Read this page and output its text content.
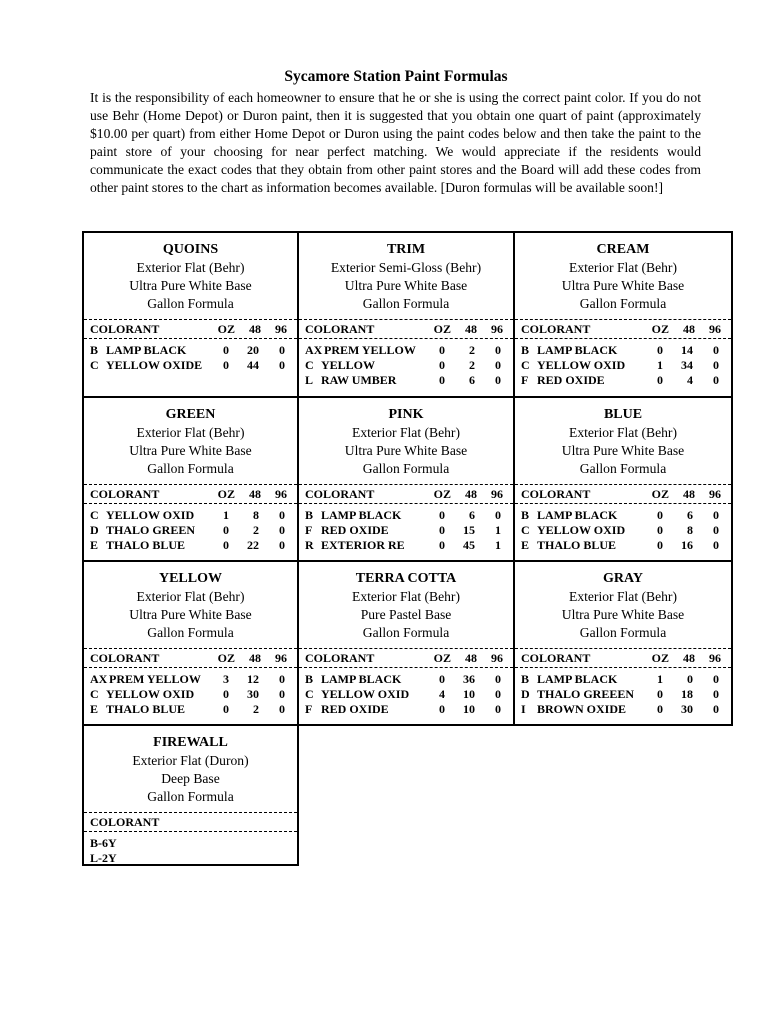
Sycamore Station Paint Formulas
It is the responsibility of each homeowner to ensure that he or she is using the correct paint color. If you do not use Behr (Home Depot) or Duron paint, then it is suggested that you obtain one quart of paint (approximately $10.00 per quart) from either Home Depot or Duron using the paint codes below and then take the paint to the paint store of your choosing for near perfect matching. We would appreciate if the residents would communicate the exact codes that they obtain from other paint stores and the Board will add these codes from other paint stores to the chart as information becomes available. [Duron formulas will be available soon!]
QUOINS
Exterior Flat (Behr)
Ultra Pure White Base
Gallon Formula
COLORANT	OZ 48 96
B LAMP BLACK	0 20 0
C YELLOW OXIDE 0 44 0
TRIM
Exterior Semi-Gloss (Behr)
Ultra Pure White Base
Gallon Formula
COLORANT	OZ 48 96
AX PREM YELLOW 0 2 0
C YELLOW	0 2 0
L RAW UMBER	0 6 0
CREAM
Exterior Flat (Behr)
Ultra Pure White Base
Gallon Formula
COLORANT	OZ 48 96
B LAMP BLACK	0 14 0
C YELLOW OXID	1 34 0
F RED OXIDE	0 4 0
GREEN
Exterior Flat (Behr)
Ultra Pure White Base
Gallon Formula
COLORANT	OZ 48 96
C YELLOW OXID 1 8 0
D THALO GREEN 0 2 0
E THALO BLUE	0 22 0
PINK
Exterior Flat (Behr)
Ultra Pure White Base
Gallon Formula
COLORANT	OZ 48 96
B LAMP BLACK	0 6 0
F RED OXIDE	0 15 1
R EXTERIOR RE	0 45 1
BLUE
Exterior Flat (Behr)
Ultra Pure White Base
Gallon Formula
COLORANT	OZ 48 96
B LAMP BLACK	0 6 0
C YELLOW OXID	0 8 0
E THALO BLUE	0 16 0
YELLOW
Exterior Flat (Behr)
Ultra Pure White Base
Gallon Formula
COLORANT	OZ 48 96
AX PREM YELLOW 3 12 0
C YELLOW OXID 0 30 0
E THALO BLUE	0 2 0
TERRA COTTA
Exterior Flat (Behr)
Pure Pastel Base
Gallon Formula
COLORANT	OZ 48 96
B LAMP BLACK	0 36 0
C YELLOW OXID 4 10 0
F RED OXIDE	0 10 0
GRAY
Exterior Flat (Behr)
Ultra Pure White Base
Gallon Formula
COLORANT	OZ 48 96
B LAMP BLACK	1 0 0
D THALO GREEEN 0 18 0
I BROWN OXIDE	0 30 0
FIREWALL
Exterior Flat (Duron)
Deep Base
Gallon Formula
COLORANT
B-6Y
L-2Y
